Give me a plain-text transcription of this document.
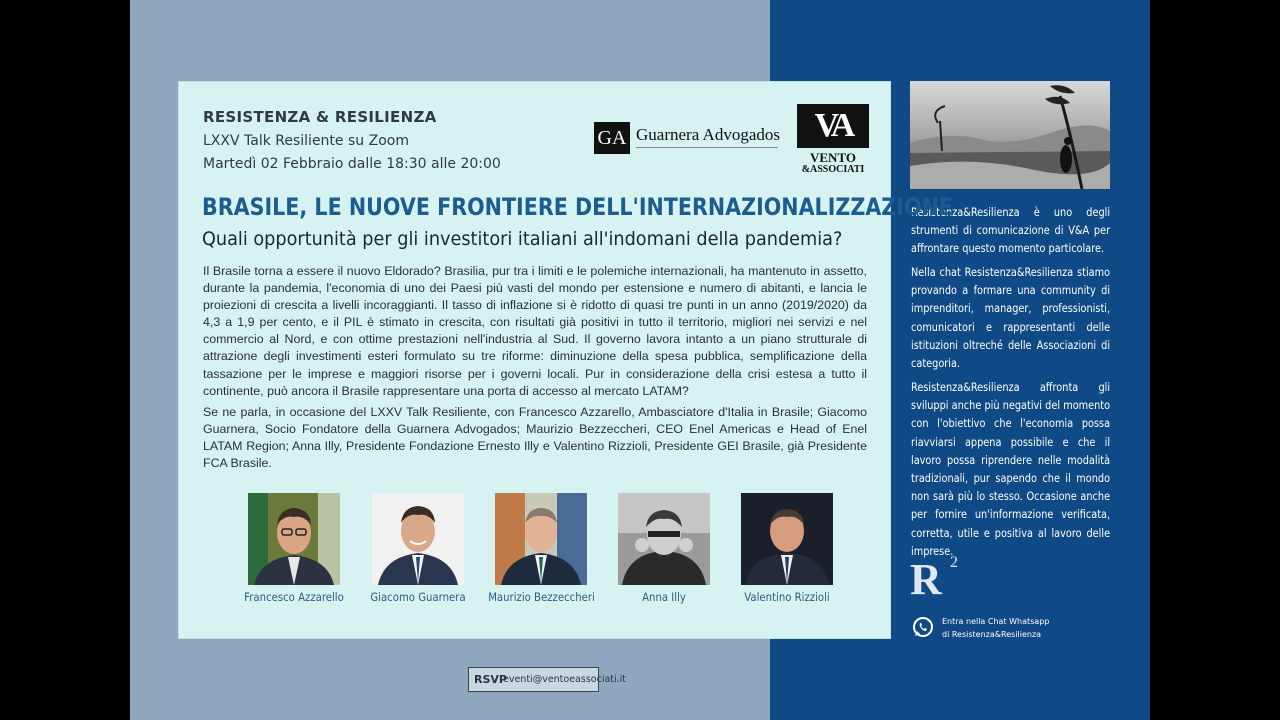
Resistenza&Resilienza è uno degli strumenti di comunicazione di V&A per affrontare questo momento particolare.

Nella chat Resistenza&Resilienza stiamo provando a formare una community di imprenditori, manager, professionisti, comunicatori e rappresentanti delle istituzioni oltreché delle Associazioni di categoria.

Resistenza&Resilienza affronta gli sviluppi anche più negativi del momento con l'obiettivo che l'economia possa riavviarsi appena possibile e che il lavoro possa riprendere nelle modalità tradizionali, pur sapendo che il mondo non sarà più lo stesso. Occasione anche per fornire un'informazione verificata, corretta, utile e positiva al lavoro delle imprese.

R 2
Entra nella Chat Whatsapp
di Resistenza&Resilienza
RESISTENZA & RESILIENZA
LXXV Talk Resiliente su Zoom
Martedì 02 Febbraio dalle 18:30 alle 20:00
GA Guarnera Advogados	VA
VENTO
&ASSOCIATI
BRASILE, LE NUOVE FRONTIERE DELL'INTERNAZIONALIZZAZIONE
Quali opportunità per gli investitori italiani all'indomani della pandemia?

Il Brasile torna a essere il nuovo Eldorado? Brasilia, pur tra i limiti e le polemiche internazionali, ha mantenuto in assetto, durante la pandemia, l'economia di uno dei Paesi più vasti del mondo per estensione e numero di abitanti, e lancia le proiezioni di crescita a livelli incoraggianti. Il tasso di inflazione si è ridotto di quasi tre punti in un anno (2019/2020) da 4,3 a 1,9 per cento, e il PIL è stimato in crescita, con risultati già positivi in tutto il territorio, migliori nei servizi e nel commercio al Nord, e con ottime prestazioni nell'industria al Sud. Il governo lavora intanto a un piano strutturale di attrazione degli investimenti esteri formulato su tre riforme: diminuzione della spesa pubblica, semplificazione della tassazione per le imprese e maggiori risorse per i governi locali. Pur in considerazione della crisi estesa a tutto il continente, può ancora il Brasile rappresentare una porta di accesso al mercato LATAM?

Se ne parla, in occasione del LXXV Talk Resiliente, con Francesco Azzarello, Ambasciatore d'Italia in Brasile; Giacomo Guarnera, Socio Fondatore della Guarnera Advogados; Maurizio Bezzeccheri, CEO Enel Americas e Head of Enel LATAM Region; Anna Illy, Presidente Fondazione Ernesto Illy e Valentino Rizzioli, Presidente GEI Brasile, già Presidente FCA Brasile.

Francesco Azzarello	Giacomo Guarnera	Maurizio Bezzeccheri	Anna Illy	Valentino Rizzioli
RSVP
eventi@ventoeassociati.it
